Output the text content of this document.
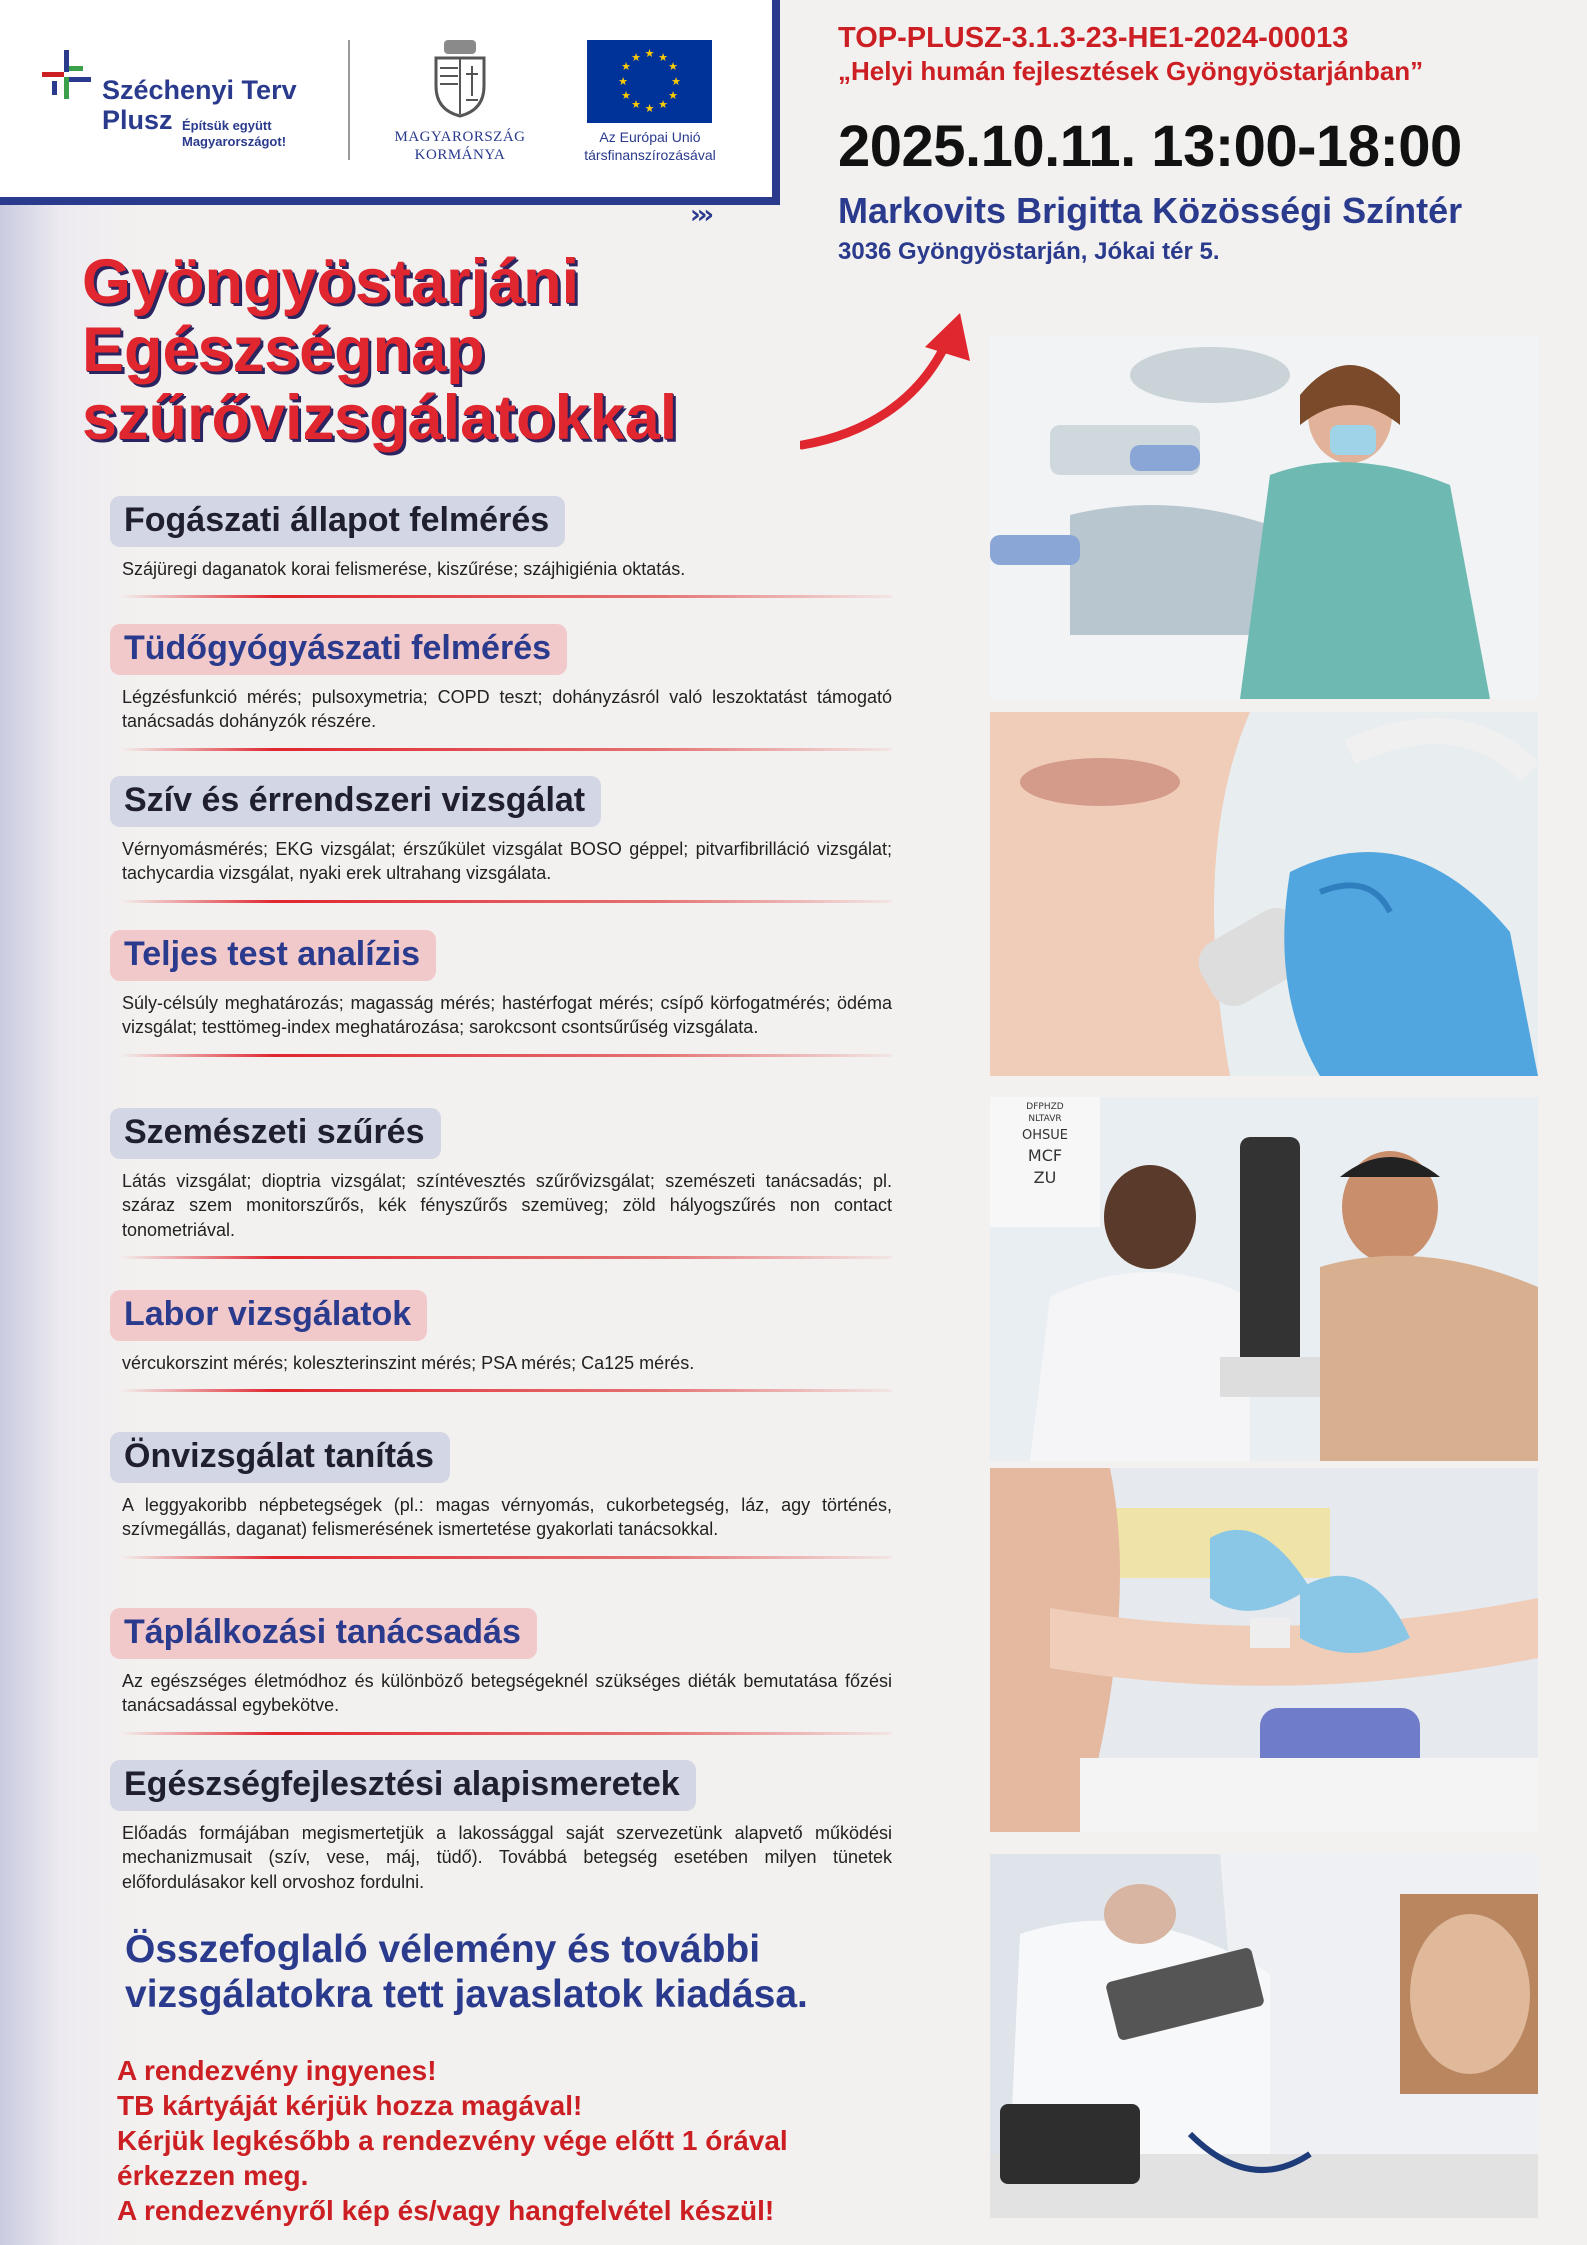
Széchenyi Terv
Plusz Építsük együtt
Magyarországot!	MAGYARORSZÁG
KORMÁNYA
★ ★
★
★
★
★
★
★
★
★
★
★
Az Európai Unió
társfinanszírozásával
›››
TOP-PLUSZ-3.1.3-23-HE1-2024-00013
„Helyi humán fejlesztések Gyöngyöstarjánban”
2025.10.11. 13:00-18:00
Markovits Brigitta Közösségi Színtér
3036 Gyöngyöstarján, Jókai tér 5.
Gyöngyöstarjáni
Egészségnap
szűrővizsgálatokkal
Fogászati állapot felmérés
Szájüregi daganatok korai felismerése, kiszűrése; szájhigiénia oktatás.
Tüdőgyógyászati felmérés
Légzésfunkció mérés; pulsoxymetria; COPD teszt; dohányzásról való leszoktatást támogató tanácsadás dohányzók részére.
Szív és érrendszeri vizsgálat
Vérnyomásmérés; EKG vizsgálat; érszűkület vizsgálat BOSO géppel; pitvarfibrilláció vizsgálat; tachycardia vizsgálat, nyaki erek ultrahang vizsgálata.
Teljes test analízis
Súly-célsúly meghatározás; magasság mérés; hastérfogat mérés; csípő körfogatmérés; ödéma vizsgálat; testtömeg-index meghatározása; sarokcsont csontsűrűség vizsgálata.
Szemészeti szűrés
Látás vizsgálat; dioptria vizsgálat; színtévesztés szűrővizsgálat; szemészeti tanácsadás; pl. száraz szem monitorszűrős, kék fényszűrős szemüveg; zöld hályogszűrés non contact tonometriával.
Labor vizsgálatok
vércukorszint mérés; koleszterinszint mérés; PSA mérés; Ca125 mérés.
Önvizsgálat tanítás
A leggyakoribb népbetegségek (pl.: magas vérnyomás, cukorbetegség, láz, agy történés, szívmegállás, daganat) felismerésének ismertetése gyakorlati tanácsokkal.
Táplálkozási tanácsadás
Az egészséges életmódhoz és különböző betegségeknél szükséges diéták bemutatása főzési tanácsadással egybekötve.
Egészségfejlesztési alapismeretek
Előadás formájában megismertetjük a lakossággal saját szervezetünk alapvető működési mechanizmusait (szív, vese, máj, tüdő). Továbbá betegség esetében milyen tünetek előfordulásakor kell orvoshoz fordulni.
Összefoglaló vélemény és további
vizsgálatokra tett javaslatok kiadása.
A rendezvény ingyenes!
TB kártyáját kérjük hozza magával!
Kérjük legkésőbb a rendezvény vége előtt 1 órával
érkezzen meg.
A rendezvényről kép és/vagy hangfelvétel készül!
DFPHZD
NLTAVR
OHSUE
MCF
ZU
